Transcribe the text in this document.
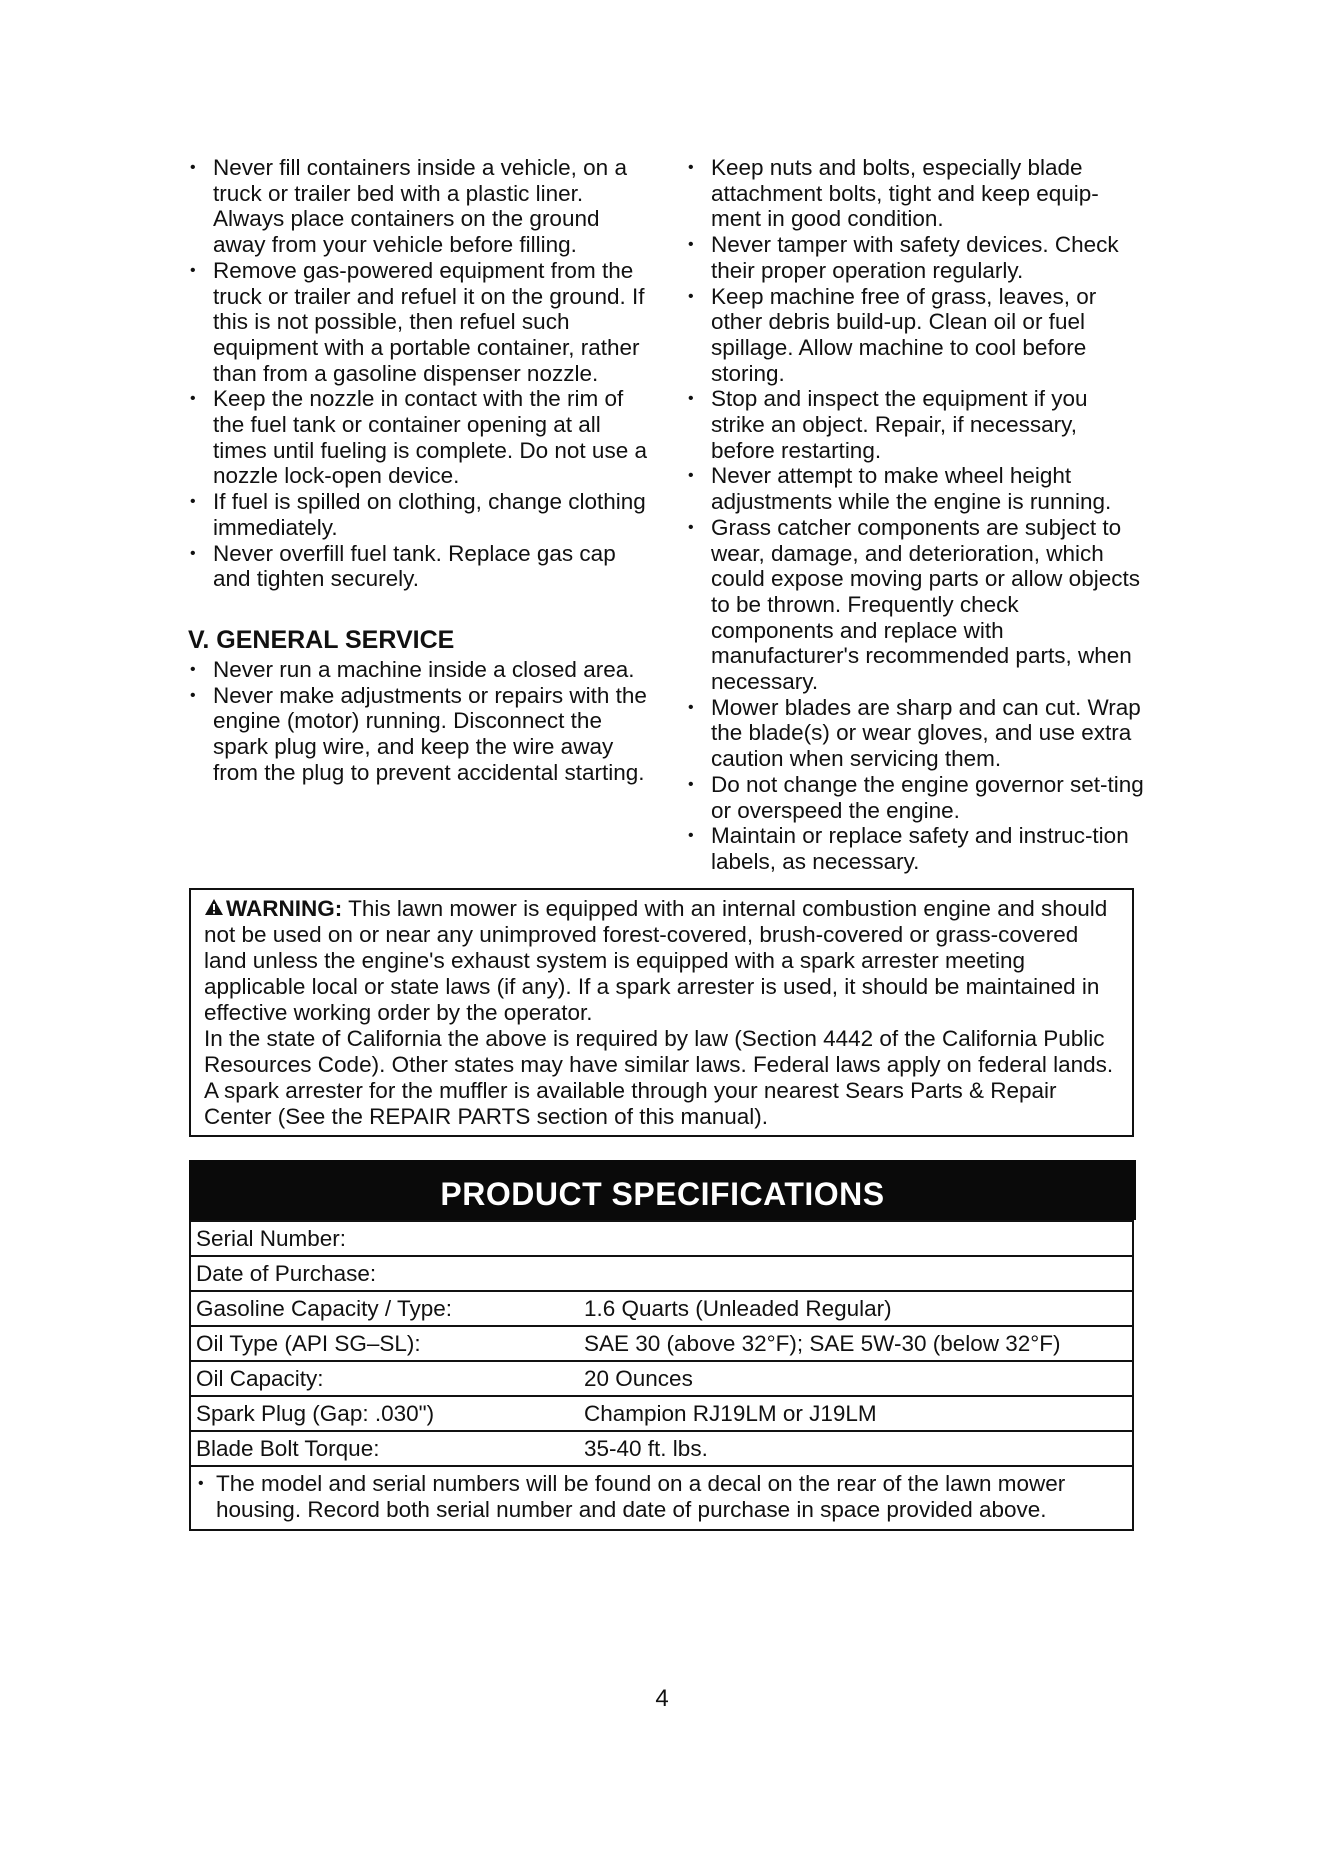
• Never fill containers inside a vehicle, on a truck or trailer bed with a plastic liner. Always place containers on the ground away from your vehicle before filling.
• Remove gas-powered equipment from the truck or trailer and refuel it on the ground. If this is not possible, then refuel such equipment with a portable container, rather than from a gasoline dispenser nozzle.
• Keep the nozzle in contact with the rim of the fuel tank or container opening at all times until fueling is complete. Do not use a nozzle lock-open device.
• If fuel is spilled on clothing, change clothing immediately.
• Never overfill fuel tank. Replace gas cap and tighten securely.
V. GENERAL SERVICE
• Never run a machine inside a closed area.
• Never make adjustments or repairs with the engine (motor) running. Disconnect the spark plug wire, and keep the wire away from the plug to prevent accidental starting.
• Keep nuts and bolts, especially blade attachment bolts, tight and keep equip-ment in good condition.
• Never tamper with safety devices. Check their proper operation regularly.
• Keep machine free of grass, leaves, or other debris build-up. Clean oil or fuel spillage. Allow machine to cool before storing.
• Stop and inspect the equipment if you strike an object. Repair, if necessary, before restarting.
• Never attempt to make wheel height adjustments while the engine is running.
• Grass catcher components are subject to wear, damage, and deterioration, which could expose moving parts or allow objects to be thrown. Frequently check components and replace with manufacturer's recommended parts, when necessary.
• Mower blades are sharp and can cut. Wrap the blade(s) or wear gloves, and use extra caution when servicing them.
• Do not change the engine governor set-ting or overspeed the engine.
• Maintain or replace safety and instruc-tion labels, as necessary.

WARNING: This lawn mower is equipped with an internal combustion engine and should not be used on or near any unimproved forest-covered, brush-covered or grass-covered land unless the engine's exhaust system is equipped with a spark arrester meeting applicable local or state laws (if any). If a spark arrester is used, it should be maintained in effective working order by the operator.

In the state of California the above is required by law (Section 4442 of the California Public Resources Code). Other states may have similar laws. Federal laws apply on federal lands. A spark arrester for the muffler is available through your nearest Sears Parts & Repair Center (See the REPAIR PARTS section of this manual).

PRODUCT SPECIFICATIONS
Serial Number:	
Date of Purchase:	
Gasoline Capacity / Type:	1.6 Quarts (Unleaded Regular)
Oil Type (API SG–SL):	SAE 30 (above 32°F); SAE 5W-30 (below 32°F)
Oil Capacity:	20 Ounces
Spark Plug (Gap: .030")	Champion RJ19LM or J19LM
Blade Bolt Torque:	35-40 ft. lbs.
• The model and serial numbers will be found on a decal on the rear of the lawn mower housing. Record both serial number and date of purchase in space provided above.
4
